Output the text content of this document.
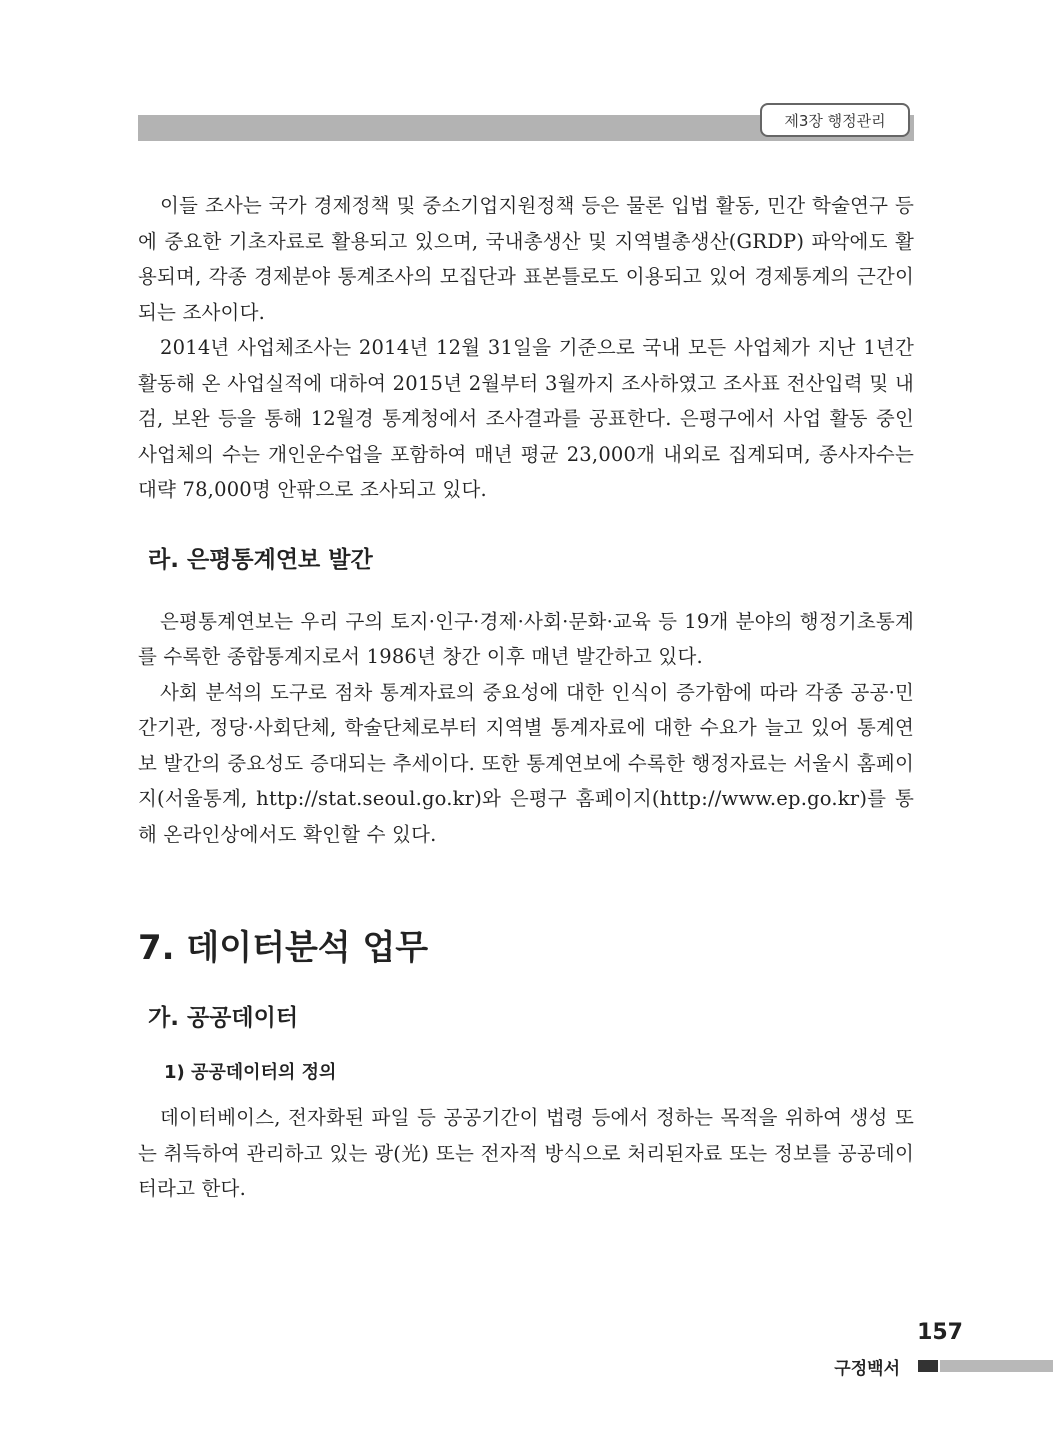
제3장 행정관리

이들 조사는 국가 경제정책 및 중소기업지원정책 등은 물론 입법 활동, 민간 학술연구 등에 중요한 기초자료로 활용되고 있으며, 국내총생산 및 지역별총생산(GRDP) 파악에도 활용되며, 각종 경제분야 통계조사의 모집단과 표본틀로도 이용되고 있어 경제통계의 근간이 되는 조사이다.

2014년 사업체조사는 2014년 12월 31일을 기준으로 국내 모든 사업체가 지난 1년간 활동해 온 사업실적에 대하여 2015년 2월부터 3월까지 조사하였고 조사표 전산입력 및 내검, 보완 등을 통해 12월경 통계청에서 조사결과를 공표한다. 은평구에서 사업 활동 중인 사업체의 수는 개인운수업을 포함하여 매년 평균 23,000개 내외로 집계되며, 종사자수는 대략 78,000명 안팎으로 조사되고 있다.

라. 은평통계연보 발간

은평통계연보는 우리 구의 토지·인구·경제·사회·문화·교육 등 19개 분야의 행정기초통계를 수록한 종합통계지로서 1986년 창간 이후 매년 발간하고 있다.

사회 분석의 도구로 점차 통계자료의 중요성에 대한 인식이 증가함에 따라 각종 공공·민간기관, 정당·사회단체, 학술단체로부터 지역별 통계자료에 대한 수요가 늘고 있어 통계연보 발간의 중요성도 증대되는 추세이다. 또한 통계연보에 수록한 행정자료는 서울시 홈페이지(서울통계, http://stat.seoul.go.kr)와 은평구 홈페이지(http://www.ep.go.kr)를 통해 온라인상에서도 확인할 수 있다.

7. 데이터분석 업무
가. 공공데이터
1) 공공데이터의 정의

데이터베이스, 전자화된 파일 등 공공기간이 법령 등에서 정하는 목적을 위하여 생성 또는 취득하여 관리하고 있는 광(光) 또는 전자적 방식으로 처리된자료 또는 정보를 공공데이터라고 한다.

157
구정백서
